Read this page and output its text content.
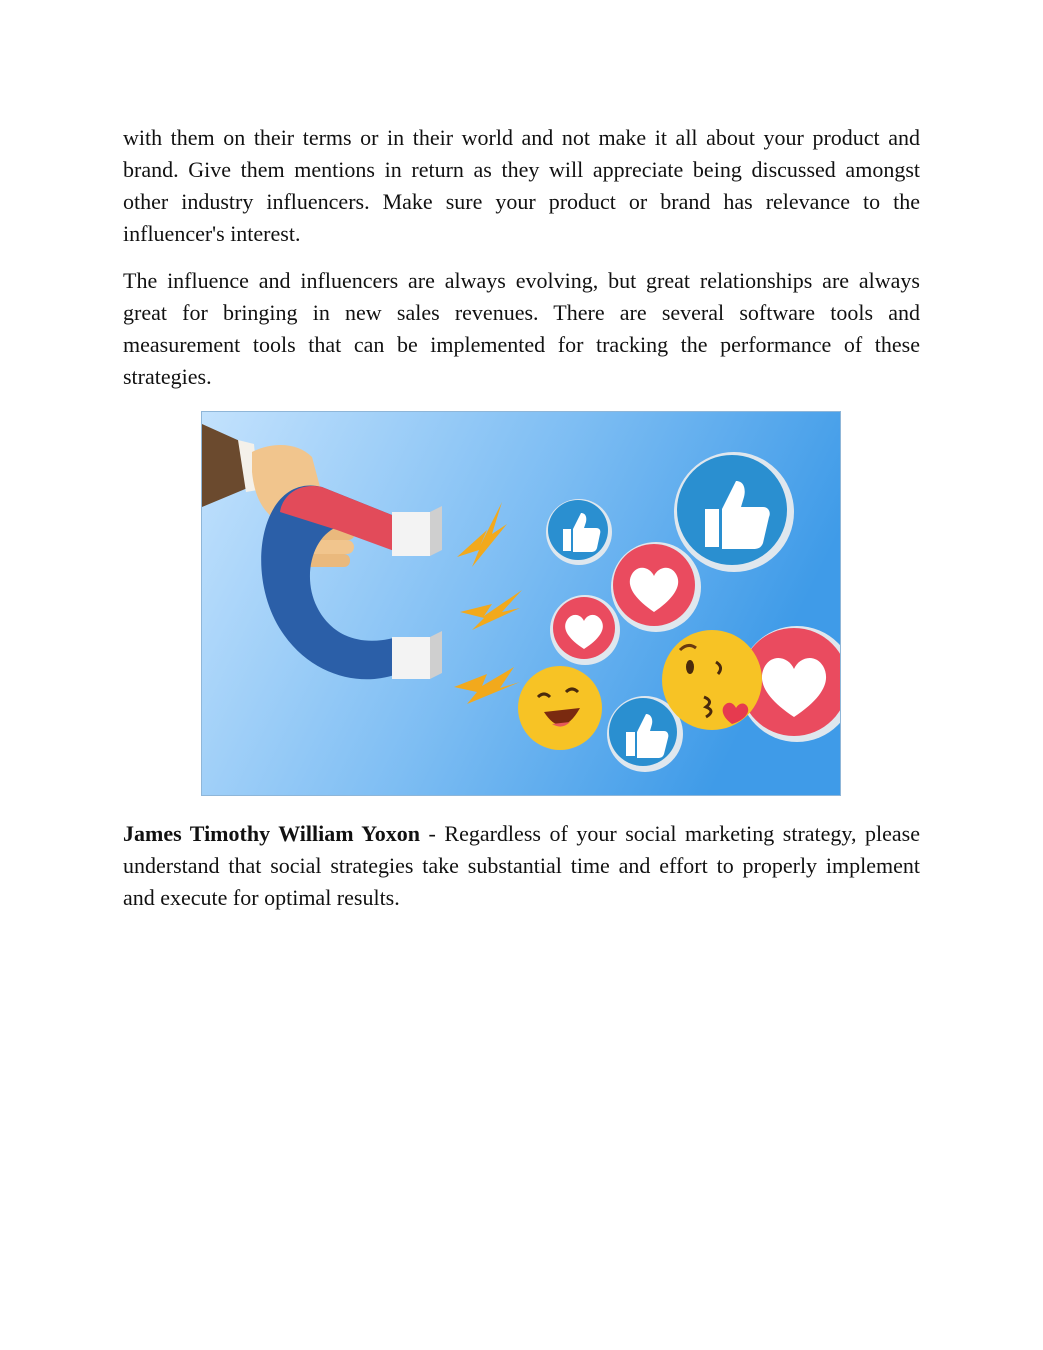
with them on their terms or in their world and not make it all about your product and brand. Give them mentions in return as they will appreciate being discussed amongst other industry influencers. Make sure your product or brand has relevance to the influencer's interest.

The influence and influencers are always evolving, but great relationships are always great for bringing in new sales revenues. There are several software tools and measurement tools that can be implemented for tracking the performance of these strategies.

James Timothy William Yoxon - Regardless of your social marketing strategy, please understand that social strategies take substantial time and effort to properly implement and execute for optimal results.
